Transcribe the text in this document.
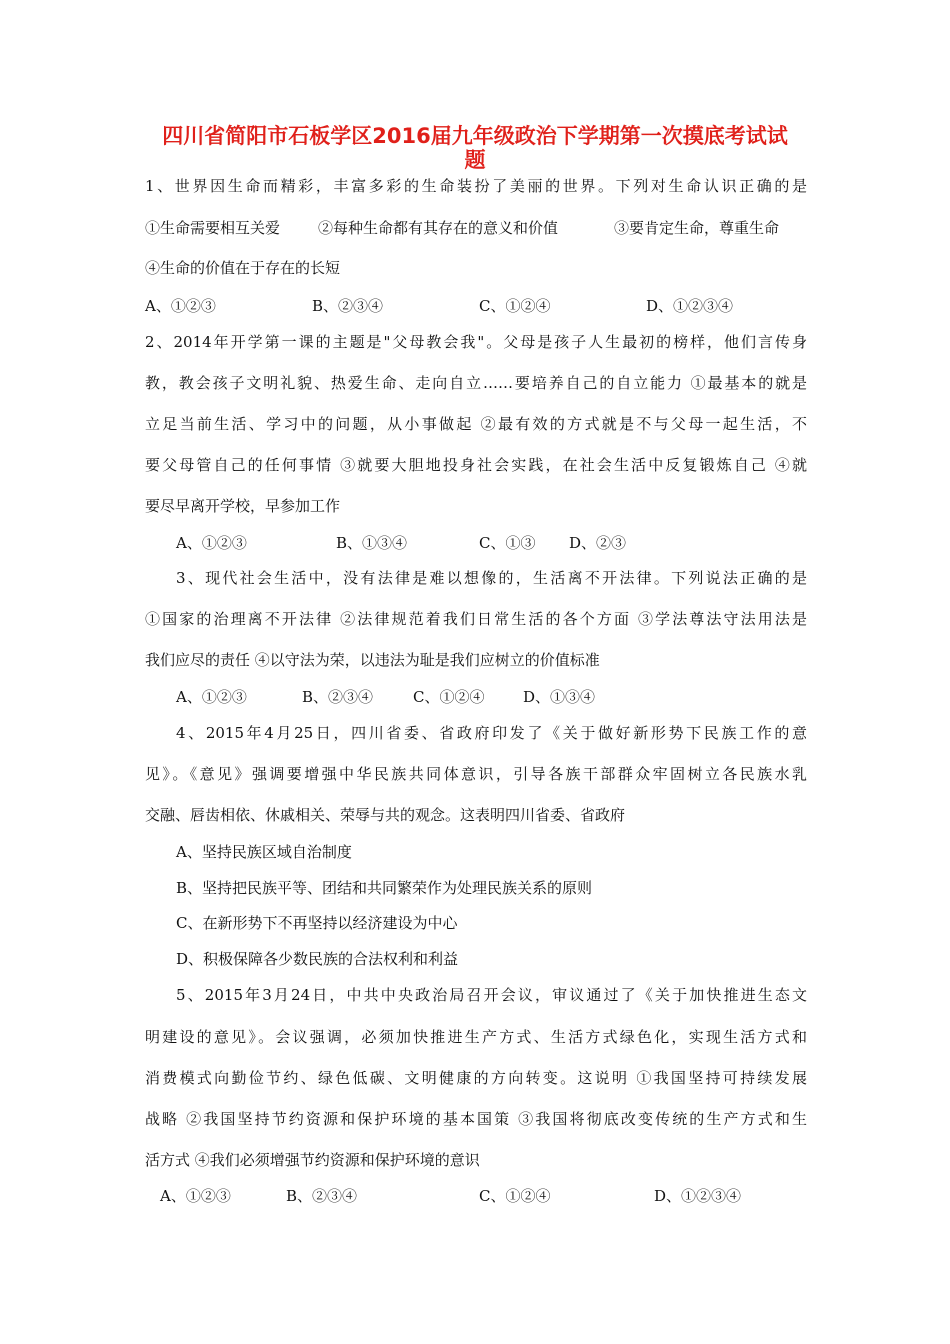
四川省简阳市石板学区2016届九年级政治下学期第一次摸底考试试
题
1、世界因生命而精彩，丰富多彩的生命装扮了美丽的世界。下列对生命认识正确的是
①生命需要相互关爱	②每种生命都有其存在的意义和价值	③要肯定生命，尊重生命
④生命的价值在于存在的长短
A、①②③	B、②③④	C、①②④	D、①②③④
2、2014年开学第一课的主题是"父母教会我"。父母是孩子人生最初的榜样，他们言传身
教，教会孩子文明礼貌、热爱生命、走向自立……要培养自己的自立能力 ①最基本的就是
立足当前生活、学习中的问题，从小事做起 ②最有效的方式就是不与父母一起生活，不
要父母管自己的任何事情 ③就要大胆地投身社会实践，在社会生活中反复锻炼自己 ④就
要尽早离开学校，早参加工作
A、①②③	B、①③④	C、①③ D、②③
3、现代社会生活中，没有法律是难以想像的，生活离不开法律。下列说法正确的是
①国家的治理离不开法律 ②法律规范着我们日常生活的各个方面 ③学法尊法守法用法是
我们应尽的责任 ④以守法为荣，以违法为耻是我们应树立的价值标准
A、①②③	B、②③④	C、①②④	D、①③④
4、2015年4月25日，四川省委、省政府印发了《关于做好新形势下民族工作的意
见》。《意见》强调要增强中华民族共同体意识，引导各族干部群众牢固树立各民族水乳
交融、唇齿相依、休戚相关、荣辱与共的观念。这表明四川省委、省政府
A、坚持民族区域自治制度
B、坚持把民族平等、团结和共同繁荣作为处理民族关系的原则
C、在新形势下不再坚持以经济建设为中心
D、积极保障各少数民族的合法权利和利益
5、2015年3月24日，中共中央政治局召开会议，审议通过了《关于加快推进生态文
明建设的意见》。会议强调，必须加快推进生产方式、生活方式绿色化，实现生活方式和
消费模式向勤俭节约、绿色低碳、文明健康的方向转变。这说明 ①我国坚持可持续发展
战略 ②我国坚持节约资源和保护环境的基本国策 ③我国将彻底改变传统的生产方式和生
活方式 ④我们必须增强节约资源和保护环境的意识
A、①②③	B、②③④	C、①②④	D、①②③④
